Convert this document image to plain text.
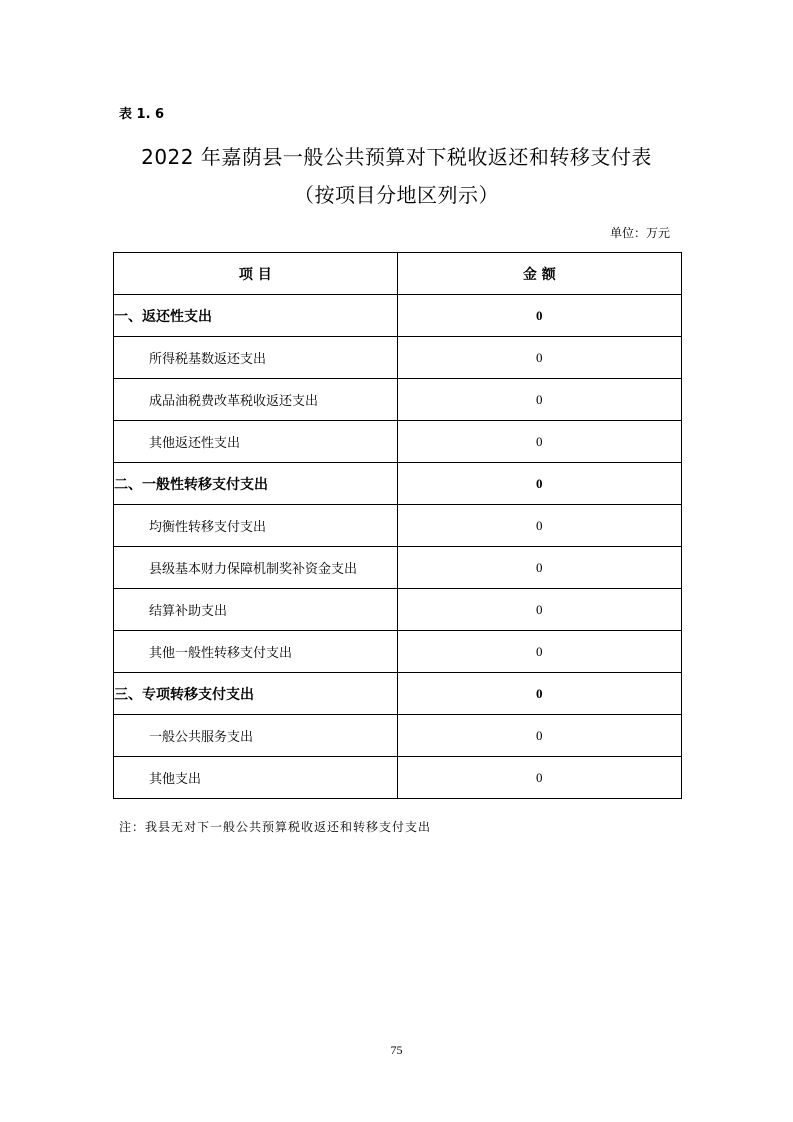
表 1. 6
2022 年嘉荫县一般公共预算对下税收返还和转移支付表
（按项目分地区列示）
单位：万元
项 目	金 额
一、返还性支出	0
所得税基数返还支出	0
成品油税费改革税收返还支出	0
其他返还性支出	0
二、一般性转移支付支出	0
均衡性转移支付支出	0
县级基本财力保障机制奖补资金支出	0
结算补助支出	0
其他一般性转移支付支出	0
三、专项转移支付支出	0
一般公共服务支出	0
其他支出	0
注：我县无对下一般公共预算税收返还和转移支付支出
75
